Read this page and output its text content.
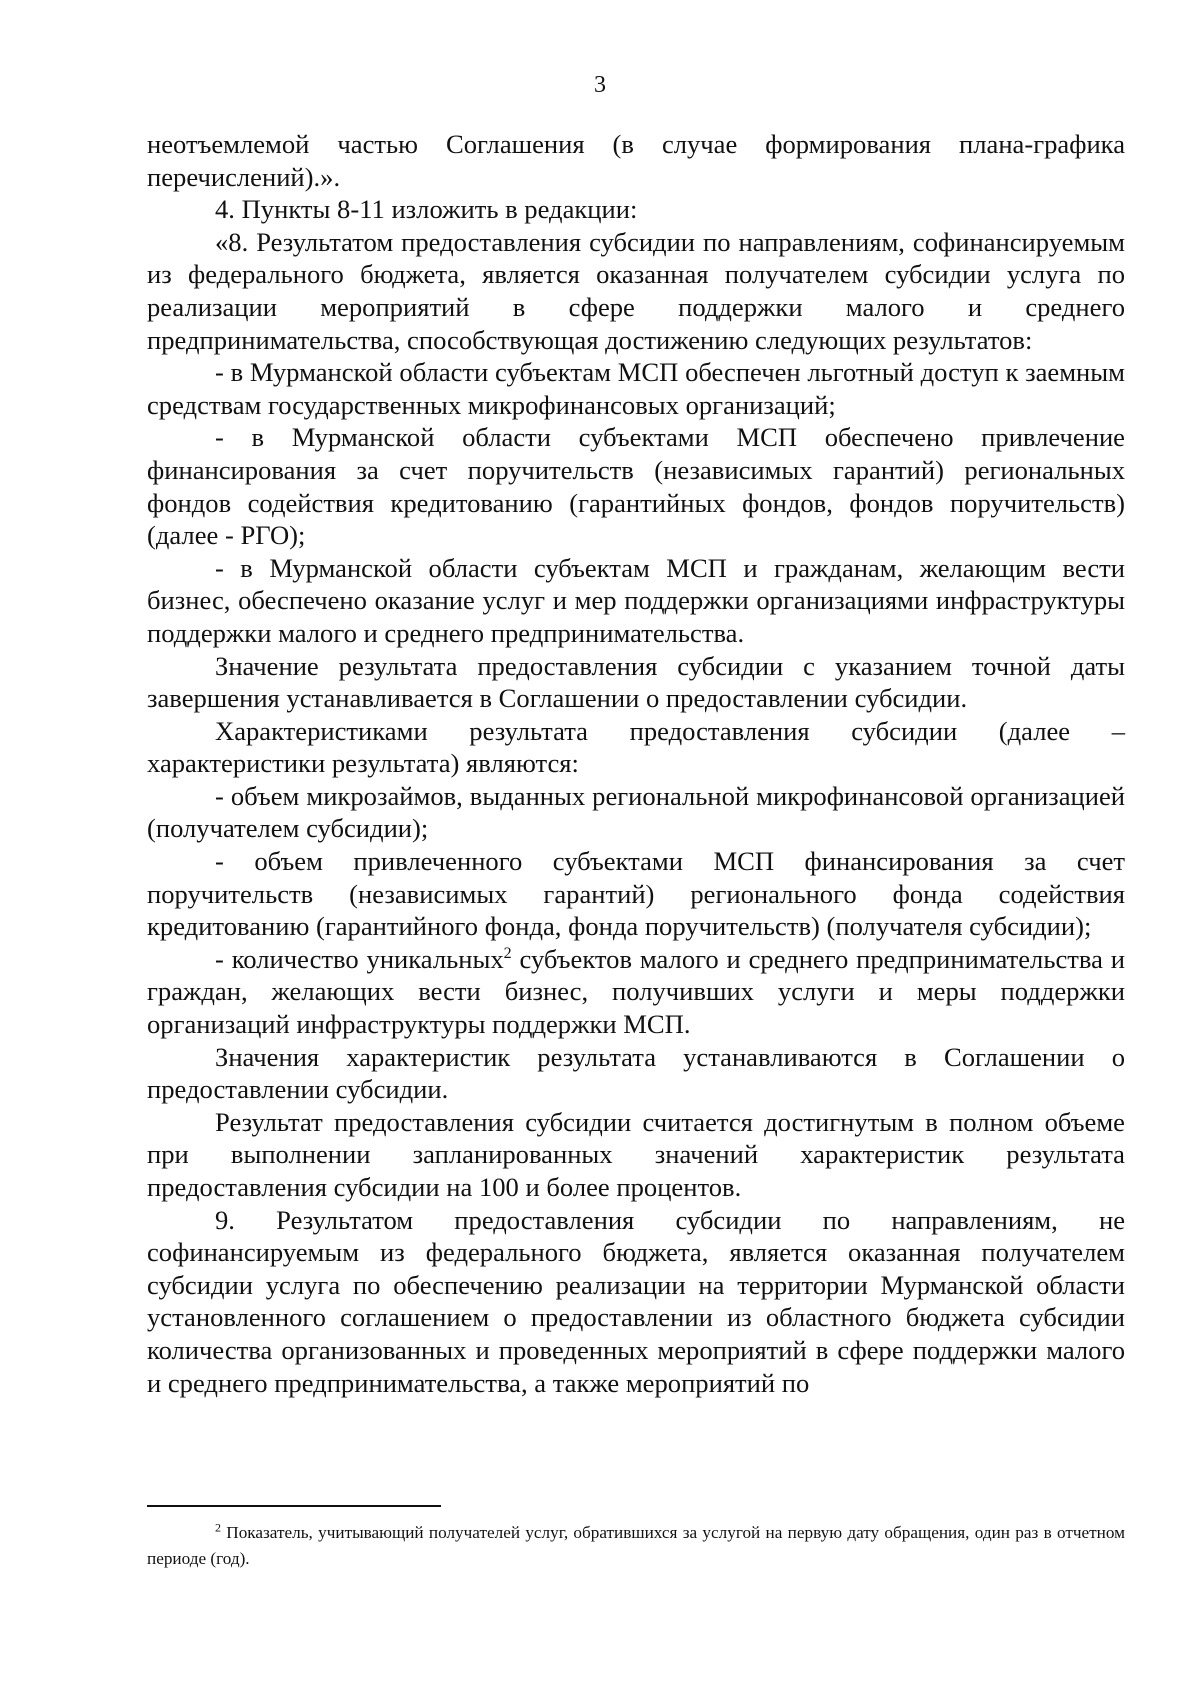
3

неотъемлемой частью Соглашения (в случае формирования плана-графика перечислений).».

4. Пункты 8-11 изложить в редакции:

«8. Результатом предоставления субсидии по направлениям, софинансируемым из федерального бюджета, является оказанная получателем субсидии услуга по реализации мероприятий в сфере поддержки малого и среднего предпринимательства, способствующая достижению следующих результатов:

- в Мурманской области субъектам МСП обеспечен льготный доступ к заемным средствам государственных микрофинансовых организаций;

- в Мурманской области субъектами МСП обеспечено привлечение финансирования за счет поручительств (независимых гарантий) региональных фондов содействия кредитованию (гарантийных фондов, фондов поручительств) (далее - РГО);

- в Мурманской области субъектам МСП и гражданам, желающим вести бизнес, обеспечено оказание услуг и мер поддержки организациями инфраструктуры поддержки малого и среднего предпринимательства.

Значение результата предоставления субсидии с указанием точной даты завершения устанавливается в Соглашении о предоставлении субсидии.

Характеристиками результата предоставления субсидии (далее – характеристики результата) являются:

- объем микрозаймов, выданных региональной микрофинансовой организацией (получателем субсидии);

- объем привлеченного субъектами МСП финансирования за счет поручительств (независимых гарантий) регионального фонда содействия кредитованию (гарантийного фонда, фонда поручительств) (получателя субсидии);

- количество уникальных$^2$ субъектов малого и среднего предпринимательства и граждан, желающих вести бизнес, получивших услуги и меры поддержки организаций инфраструктуры поддержки МСП.

Значения характеристик результата устанавливаются в Соглашении о предоставлении субсидии.

Результат предоставления субсидии считается достигнутым в полном объеме при выполнении запланированных значений характеристик результата предоставления субсидии на 100 и более процентов.

9. Результатом предоставления субсидии по направлениям, не софинансируемым из федерального бюджета, является оказанная получателем субсидии услуга по обеспечению реализации на территории Мурманской области установленного соглашением о предоставлении из областного бюджета субсидии количества организованных и проведенных мероприятий в сфере поддержки малого и среднего предпринимательства, а также мероприятий по

$^2$ Показатель, учитывающий получателей услуг, обратившихся за услугой на первую дату обращения, один раз в отчетном периоде (год).
